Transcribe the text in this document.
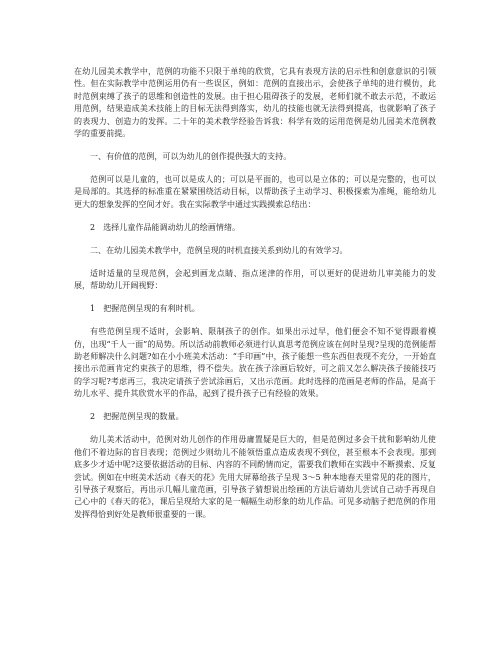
在幼儿园美术教学中，范例的功能不只限于单纯的欣赏，它具有表现方法的启示性和创意意识的引领性。但在实际教学中范例运用仍有一些误区，例如：范例的直接出示，会使孩子单纯的进行模仿，此时范例束缚了孩子的思维和创造性的发展。由于担心阻碍孩子的发展，老师们就不敢去示范，不敢运用范例，结果造成美术技能上的目标无法得到落实，幼儿的技能也就无法得到提高，也就影响了孩子的表现力、创造力的发挥。二十年的美术教学经验告诉我：科学有效的运用范例是幼儿园美术范例教学的重要前提。

一、有价值的范例，可以为幼儿的创作提供强大的支持。

范例可以是儿童的，也可以是成人的；可以是平面的，也可以是立体的；可以是完整的，也可以是局部的。其选择的标准重在紧紧围绕活动目标，以帮助孩子主动学习、积极探索为准绳，能给幼儿更大的想象发挥的空间才好。我在实际教学中通过实践摸索总结出：

2　选择儿童作品能调动幼儿的绘画情绪。

二、在幼儿园美术教学中，范例呈现的时机直接关系到幼儿的有效学习。

适时适量的呈现范例，会起到画龙点睛、指点迷津的作用，可以更好的促进幼儿审美能力的发展，帮助幼儿开阔视野：

1　把握范例呈现的有利时机。

有些范例呈现不适时，会影响、限制孩子的创作。如果出示过早，他们便会不知不觉得跟着模仿，出现“千人一面”的局势。所以活动前教师必须进行认真思考范例应该在何时呈现?呈现的范例能帮助老师解决什么问题?如在小小班美术活动：“手印画”中，孩子能想一些东西但表现不充分，一开始直接出示范画肯定约束孩子的思维，得不偿失。放在孩子涂画后较好，可之前又怎么解决孩子接能技巧的学习呢?考虑再三，我决定请孩子尝试涂画后，又出示范画。此时选择的范画是老师的作品，是高于幼儿水平、提升其欣赏水平的作品，起到了提升孩子已有经验的效果。

2　把握范例呈现的数量。

幼儿美术活动中，范例对幼儿创作的作用毋庸置疑是巨大的，但是范例过多会干扰和影响幼儿使他们不着边际的盲目表现；范例过少则幼儿不能领悟重点造成表现不到位，甚至根本不会表现。那到底多少才适中呢?这要依据活动的目标、内容的不同酌情而定，需要我们教师在实践中不断摸索、反复尝试。例如在中班美术活动《春天的花》先用大屏幕给孩子呈现 3～5 种本地春天里常见的花的图片，引导孩子观察后，再出示几幅儿童范画，引导孩子猜想说出绘画的方法后请幼儿尝试自己动手再现自己心中的《春天的花》，课后呈现给大家的是一幅幅生动形象的幼儿作品。可见多动脑子把范例的作用发挥得恰到好处是教师很重要的一课。
